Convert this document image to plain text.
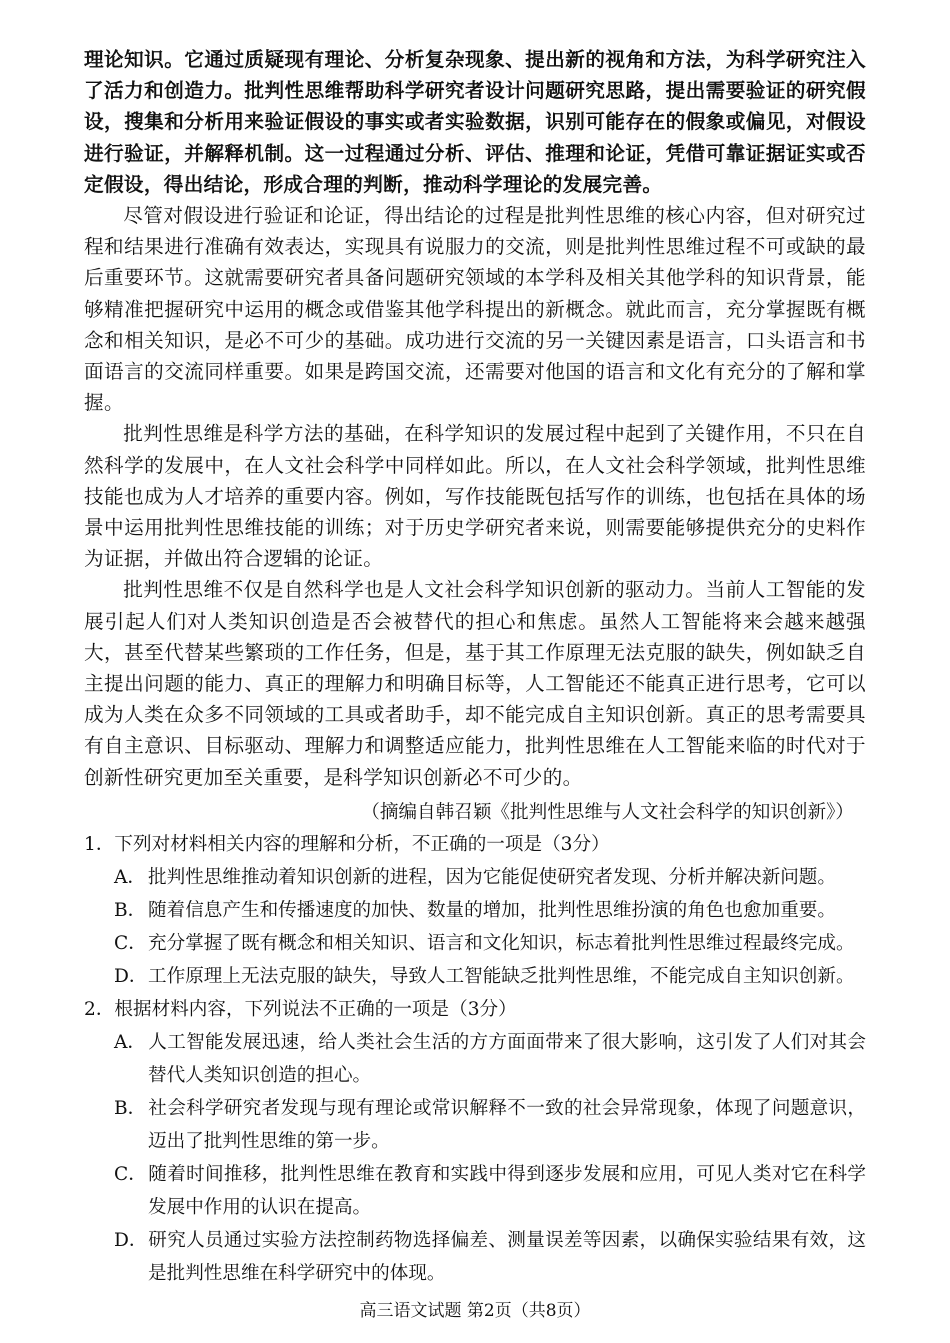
理论知识。它通过质疑现有理论、分析复杂现象、提出新的视角和方法，为科学研究注入了活力和创造力。批判性思维帮助科学研究者设计问题研究思路，提出需要验证的研究假设，搜集和分析用来验证假设的事实或者实验数据，识别可能存在的假象或偏见，对假设进行验证，并解释机制。这一过程通过分析、评估、推理和论证，凭借可靠证据证实或否定假设，得出结论，形成合理的判断，推动科学理论的发展完善。

尽管对假设进行验证和论证，得出结论的过程是批判性思维的核心内容，但对研究过程和结果进行准确有效表达，实现具有说服力的交流，则是批判性思维过程不可或缺的最后重要环节。这就需要研究者具备问题研究领域的本学科及相关其他学科的知识背景，能够精准把握研究中运用的概念或借鉴其他学科提出的新概念。就此而言，充分掌握既有概念和相关知识，是必不可少的基础。成功进行交流的另一关键因素是语言，口头语言和书面语言的交流同样重要。如果是跨国交流，还需要对他国的语言和文化有充分的了解和掌握。

批判性思维是科学方法的基础，在科学知识的发展过程中起到了关键作用，不只在自然科学的发展中，在人文社会科学中同样如此。所以，在人文社会科学领域，批判性思维技能也成为人才培养的重要内容。例如，写作技能既包括写作的训练，也包括在具体的场景中运用批判性思维技能的训练；对于历史学研究者来说，则需要能够提供充分的史料作为证据，并做出符合逻辑的论证。

批判性思维不仅是自然科学也是人文社会科学知识创新的驱动力。当前人工智能的发展引起人们对人类知识创造是否会被替代的担心和焦虑。虽然人工智能将来会越来越强大，甚至代替某些繁琐的工作任务，但是，基于其工作原理无法克服的缺失，例如缺乏自主提出问题的能力、真正的理解力和明确目标等，人工智能还不能真正进行思考，它可以成为人类在众多不同领域的工具或者助手，却不能完成自主知识创新。真正的思考需要具有自主意识、目标驱动、理解力和调整适应能力，批判性思维在人工智能来临的时代对于创新性研究更加至关重要，是科学知识创新必不可少的。

（摘编自韩召颖《批判性思维与人文社会科学的知识创新》）

1．下列对材料相关内容的理解和分析，不正确的一项是（3分）

A． 批判性思维推动着知识创新的进程，因为它能促使研究者发现、分析并解决新问题。

B．随着信息产生和传播速度的加快、数量的增加，批判性思维扮演的角色也愈加重要。

C．充分掌握了既有概念和相关知识、语言和文化知识，标志着批判性思维过程最终完成。

D．工作原理上无法克服的缺失，导致人工智能缺乏批判性思维，不能完成自主知识创新。

2．根据材料内容，下列说法不正确的一项是（3分）

A． 人工智能发展迅速，给人类社会生活的方方面面带来了很大影响，这引发了人们对其会替代人类知识创造的担心。

B．社会科学研究者发现与现有理论或常识解释不一致的社会异常现象，体现了问题意识，迈出了批判性思维的第一步。

C．随着时间推移，批判性思维在教育和实践中得到逐步发展和应用，可见人类对它在科学发展中作用的认识在提高。

D．研究人员通过实验方法控制药物选择偏差、测量误差等因素，以确保实验结果有效，这是批判性思维在科学研究中的体现。

高三语文试题 第2页（共8页）
